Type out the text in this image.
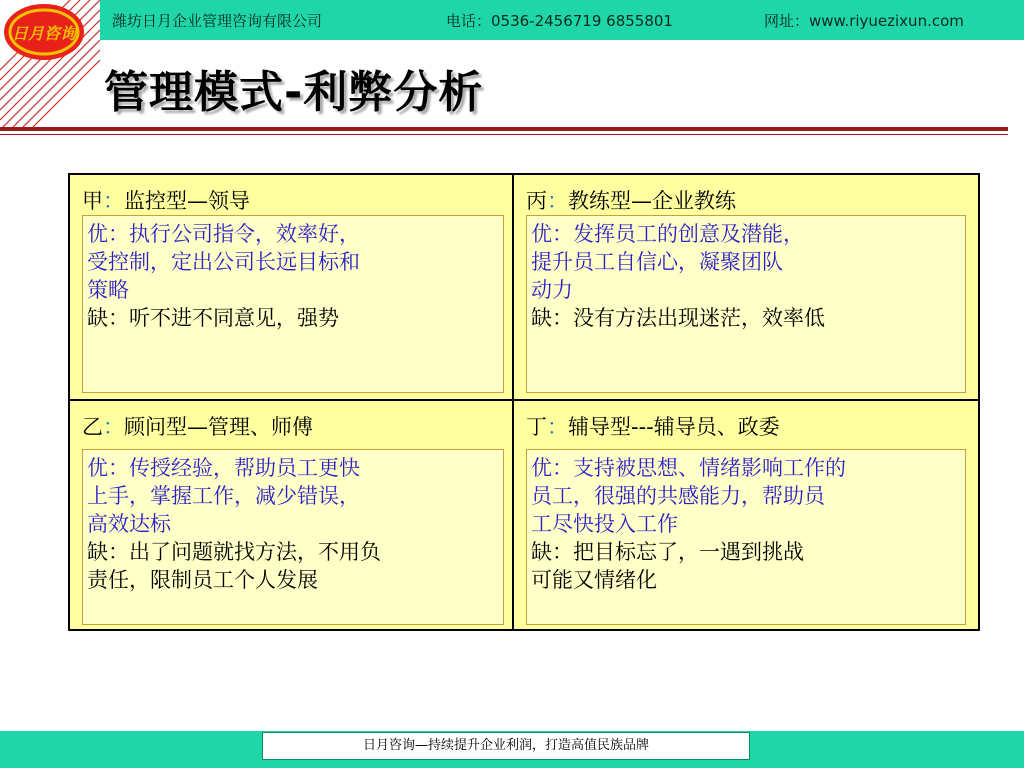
日月咨询
潍坊日月企业管理咨询有限公司	电话：0536-2456719 6855801	网址：www.riyuezixun.com
管理模式-利弊分析
甲：监控型—领导
优：执行公司指令，效率好，
受控制，定出公司长远目标和
策略
缺：听不进不同意见，强势
丙：教练型—企业教练
优：发挥员工的创意及潜能，
提升员工自信心，凝聚团队
动力
缺：没有方法出现迷茫，效率低
乙：顾问型—管理、师傅
优：传授经验，帮助员工更快
上手，掌握工作，减少错误，
高效达标
缺：出了问题就找方法，不用负
责任，限制员工个人发展
丁：辅导型---辅导员、政委
优：支持被思想、情绪影响工作的
员工，很强的共感能力，帮助员
工尽快投入工作
缺：把目标忘了，一遇到挑战
可能又情绪化
日月咨询—持续提升企业利润，打造高值民族品牌
